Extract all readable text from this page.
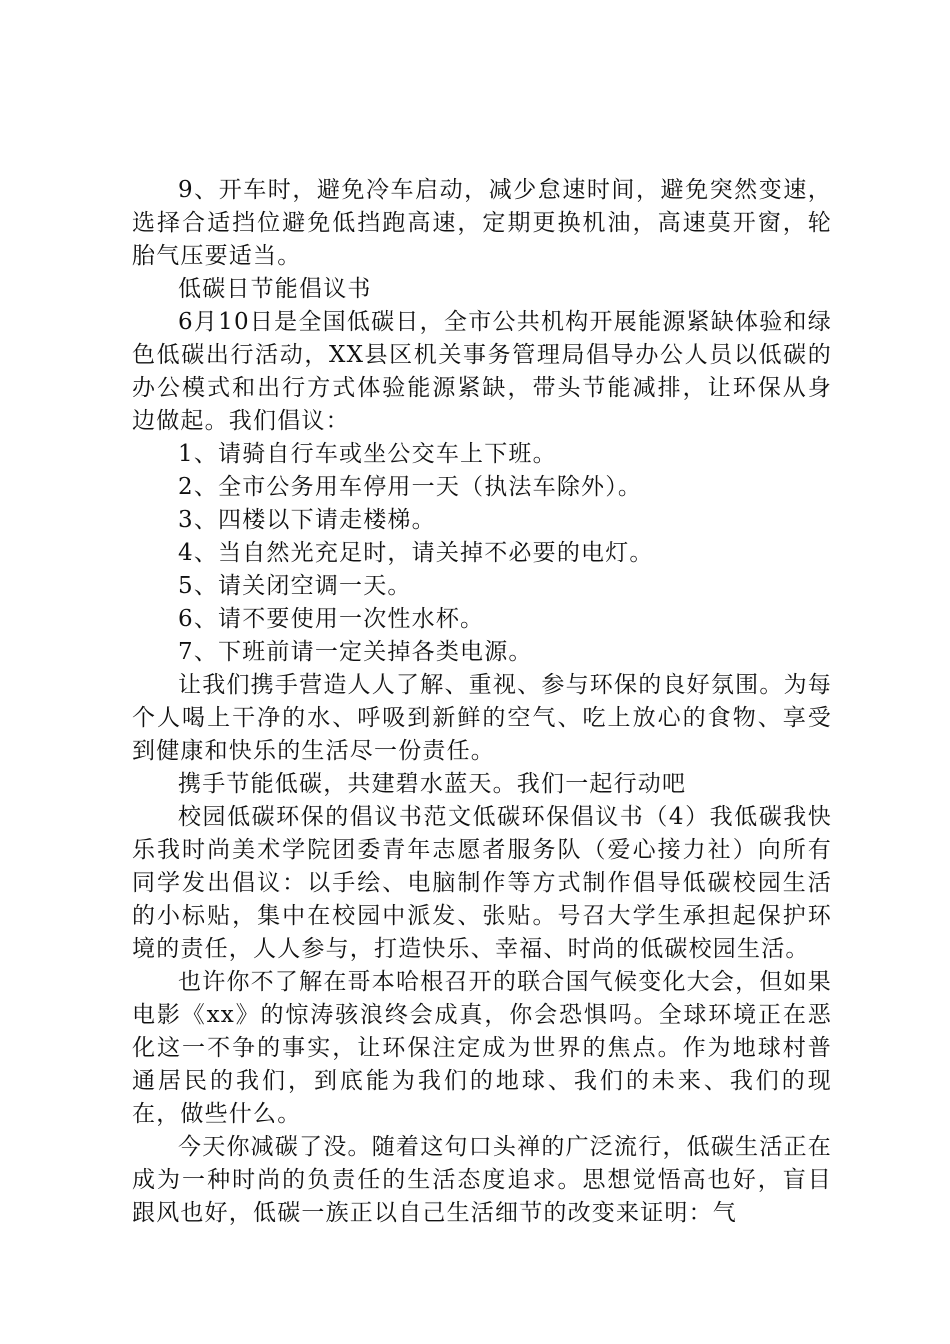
9、开车时，避免冷车启动，减少怠速时间，避免突然变速，选择合适挡位避免低挡跑高速，定期更换机油，高速莫开窗，轮胎气压要适当。

低碳日节能倡议书

6月10日是全国低碳日，全市公共机构开展能源紧缺体验和绿色低碳出行活动，XX县区机关事务管理局倡导办公人员以低碳的办公模式和出行方式体验能源紧缺，带头节能减排，让环保从身边做起。我们倡议：

1、请骑自行车或坐公交车上下班。

2、全市公务用车停用一天（执法车除外）。

3、四楼以下请走楼梯。

4、当自然光充足时，请关掉不必要的电灯。

5、请关闭空调一天。

6、请不要使用一次性水杯。

7、下班前请一定关掉各类电源。

让我们携手营造人人了解、重视、参与环保的良好氛围。为每个人喝上干净的水、呼吸到新鲜的空气、吃上放心的食物、享受到健康和快乐的生活尽一份责任。

携手节能低碳，共建碧水蓝天。我们一起行动吧

校园低碳环保的倡议书范文低碳环保倡议书（4）我低碳我快乐我时尚美术学院团委青年志愿者服务队（爱心接力社）向所有同学发出倡议：以手绘、电脑制作等方式制作倡导低碳校园生活的小标贴，集中在校园中派发、张贴。号召大学生承担起保护环境的责任，人人参与，打造快乐、幸福、时尚的低碳校园生活。

也许你不了解在哥本哈根召开的联合国气候变化大会，但如果电影《xx》的惊涛骇浪终会成真，你会恐惧吗。全球环境正在恶化这一不争的事实，让环保注定成为世界的焦点。作为地球村普通居民的我们，到底能为我们的地球、我们的未来、我们的现在，做些什么。

今天你减碳了没。随着这句口头禅的广泛流行，低碳生活正在成为一种时尚的负责任的生活态度追求。思想觉悟高也好，盲目跟风也好，低碳一族正以自己生活细节的改变来证明：气
